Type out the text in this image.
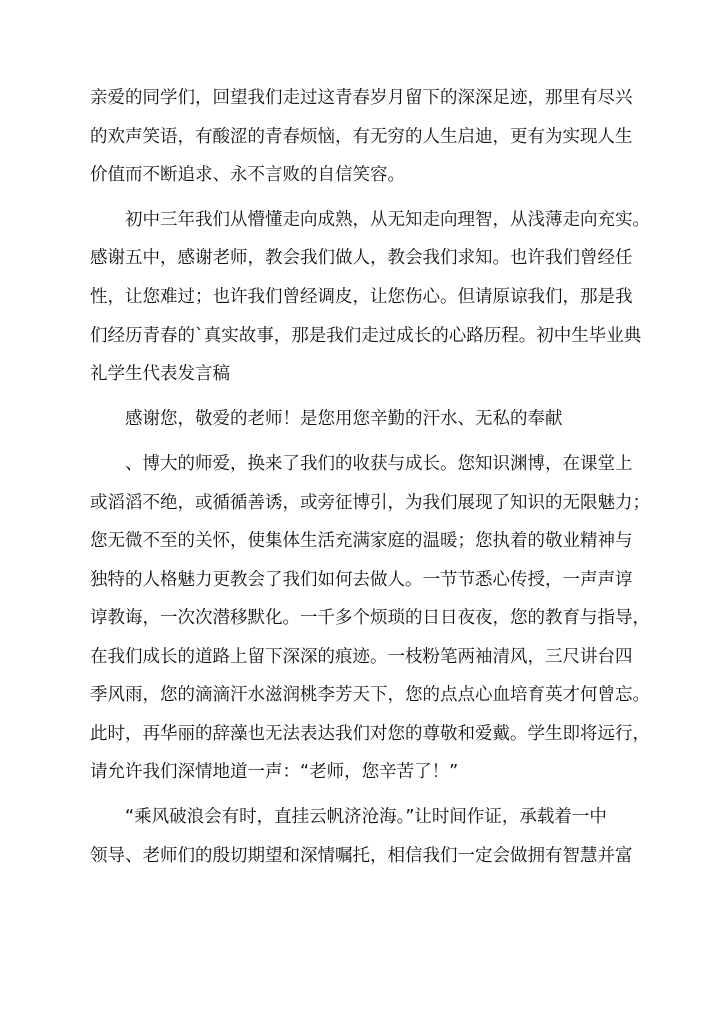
亲爱的同学们，回望我们走过这青春岁月留下的深深足迹，那里有尽兴
的欢声笑语，有酸涩的青春烦恼，有无穷的人生启迪，更有为实现人生
价值而不断追求、永不言败的自信笑容。
初中三年我们从懵懂走向成熟，从无知走向理智，从浅薄走向充实。
感谢五中，感谢老师，教会我们做人，教会我们求知。也许我们曾经任
性，让您难过；也许我们曾经调皮，让您伤心。但请原谅我们，那是我
们经历青春的`真实故事，那是我们走过成长的心路历程。初中生毕业典
礼学生代表发言稿
感谢您，敬爱的老师！是您用您辛勤的汗水、无私的奉献
、博大的师爱，换来了我们的收获与成长。您知识渊博，在课堂上
或滔滔不绝，或循循善诱，或旁征博引，为我们展现了知识的无限魅力；
您无微不至的关怀，使集体生活充满家庭的温暖；您执着的敬业精神与
独特的人格魅力更教会了我们如何去做人。一节节悉心传授，一声声谆
谆教诲，一次次潜移默化。一千多个烦琐的日日夜夜，您的教育与指导，
在我们成长的道路上留下深深的痕迹。一枝粉笔两袖清风，三尺讲台四
季风雨，您的滴滴汗水滋润桃李芳天下，您的点点心血培育英才何曾忘。
此时，再华丽的辞藻也无法表达我们对您的尊敬和爱戴。学生即将远行，
请允许我们深情地道一声：“老师，您辛苦了！”
“乘风破浪会有时，直挂云帆济沧海。”让时间作证，承载着一中
领导、老师们的殷切期望和深情嘱托，相信我们一定会做拥有智慧并富
